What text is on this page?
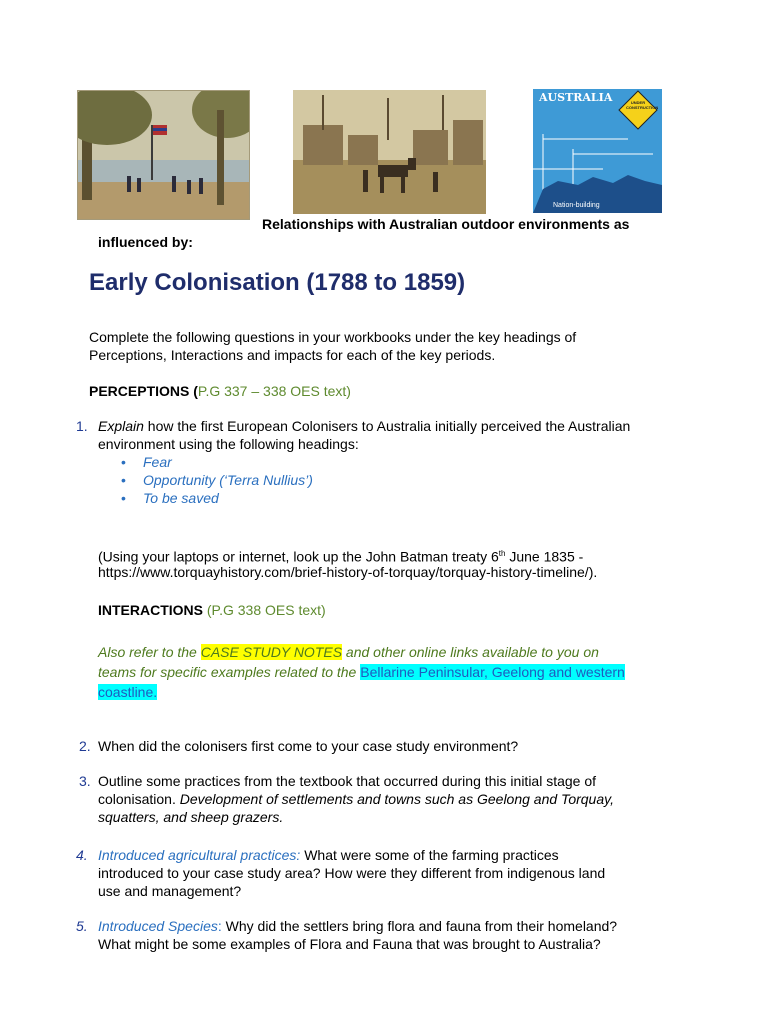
AUSTRALIA	UNDER CONSTRUCTION
Nation-building
Relationships with Australian outdoor environments as
influenced by:
Early Colonisation (1788 to 1859)
Complete the following questions in your workbooks under the key headings of
Perceptions, Interactions and impacts for each of the key periods.
PERCEPTIONS (P.G 337 – 338 OES text)
1. Explain how the first European Colonisers to Australia initially perceived the Australian
environment using the following headings:
• Fear
• Opportunity (‘Terra Nullius’)
• To be saved
(Using your laptops or internet, look up the John Batman treaty 6th June 1835 -
https://www.torquayhistory.com/brief-history-of-torquay/torquay-history-timeline/).
INTERACTIONS (P.G 338 OES text)
Also refer to the CASE STUDY NOTES and other online links available to you on
teams for specific examples related to the Bellarine Peninsular, Geelong and western
coastline.
2. When did the colonisers first come to your case study environment?
3. Outline some practices from the textbook that occurred during this initial stage of
colonisation. Development of settlements and towns such as Geelong and Torquay,
squatters, and sheep grazers.
4. Introduced agricultural practices: What were some of the farming practices
introduced to your case study area? How were they different from indigenous land
use and management?
5. Introduced Species: Why did the settlers bring flora and fauna from their homeland?
What might be some examples of Flora and Fauna that was brought to Australia?
